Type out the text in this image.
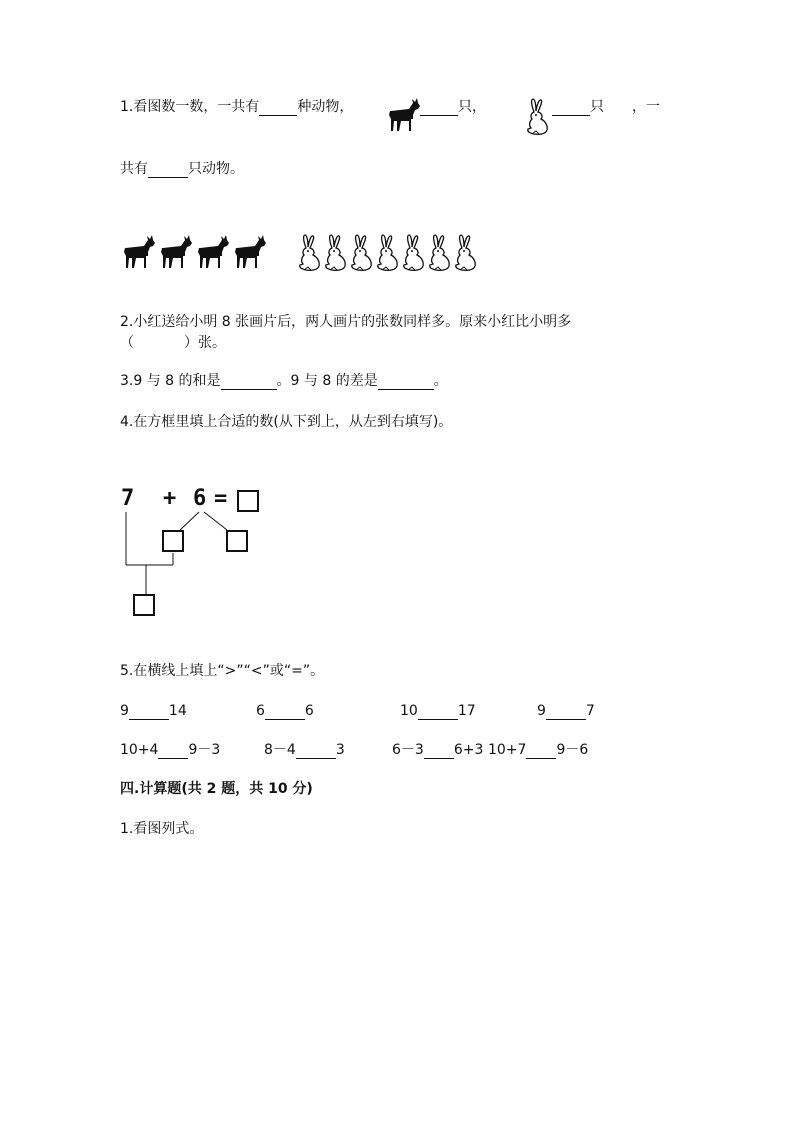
1.看图数一数，一共有	种动物，	只，	只 ，一
共有	只动物。
2.小红送给小明 8 张画片后，两人画片的张数同样多。原来小红比小明多
（	）张。
3.9 与 8 的和是	。9 与 8 的差是	。
4.在方框里填上合适的数(从下到上，从左到右填写)。
7 + 6 =
5.在横线上填上“>”“<”或“=”。
9	14	6	6	10	17	9	7
10+4 9－3	8－4	3	6－3 6+3 10+7 9－6
四.计算题(共 2 题，共 10 分)
1.看图列式。
